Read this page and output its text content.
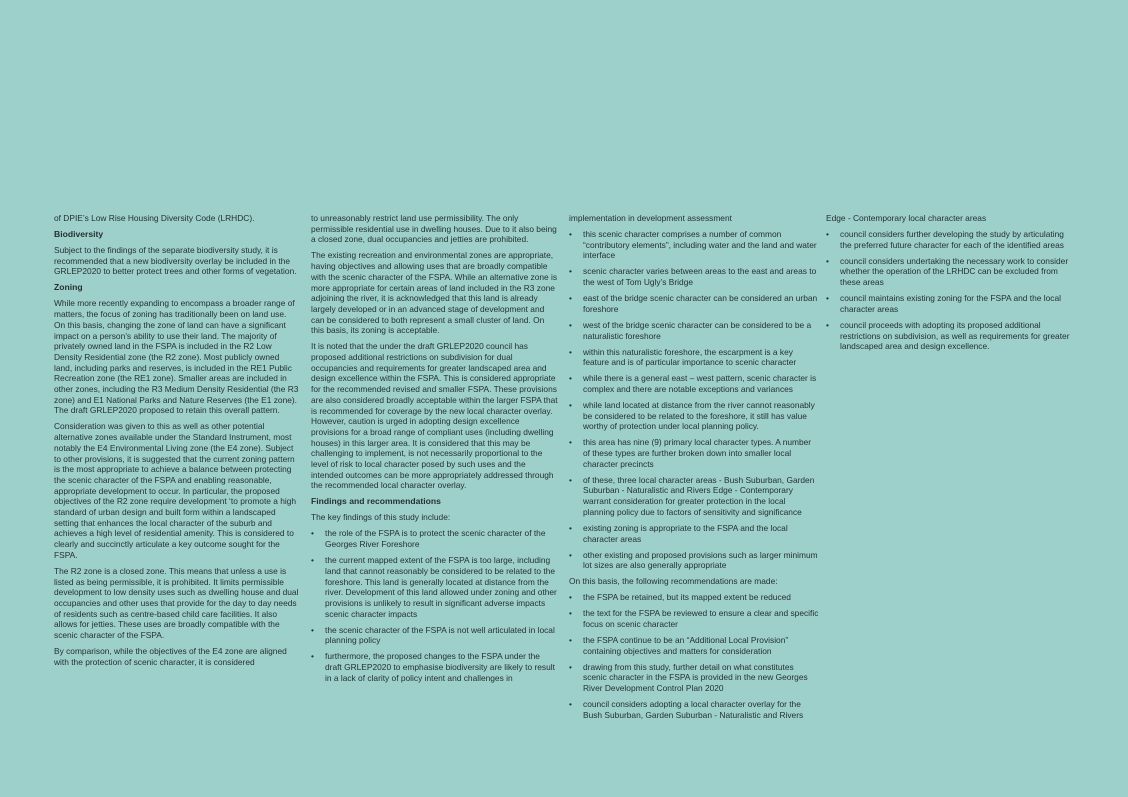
of DPIE’s Low Rise Housing Diversity Code (LRHDC).

Biodiversity

Subject to the findings of the separate biodiversity study, it is recommended that a new biodiversity overlay be included in the GRLEP2020 to better protect trees and other forms of vegetation.

Zoning

While more recently expanding to encompass a broader range of matters, the focus of zoning has traditionally been on land use. On this basis, changing the zone of land can have a significant impact on a person’s ability to use their land. The majority of privately owned land in the FSPA is included in the R2 Low Density Residential zone (the R2 zone). Most publicly owned land, including parks and reserves, is included in the RE1 Public Recreation zone (the RE1 zone). Smaller areas are included in other zones, including the R3 Medium Density Residential (the R3 zone) and E1 National Parks and Nature Reserves (the E1 zone). The draft GRLEP2020 proposed to retain this overall pattern.

Consideration was given to this as well as other potential alternative zones available under the Standard Instrument, most notably the E4 Environmental Living zone (the E4 zone). Subject to other provisions, it is suggested that the current zoning pattern is the most appropriate to achieve a balance between protecting the scenic character of the FSPA and enabling reasonable, appropriate development to occur. In particular, the proposed objectives of the R2 zone require development ‘to promote a high standard of urban design and built form within a landscaped setting that enhances the local character of the suburb and achieves a high level of residential amenity. This is considered to clearly and succinctly articulate a key outcome sought for the FSPA.

The R2 zone is a closed zone. This means that unless a use is listed as being permissible, it is prohibited. It limits permissible development to low density uses such as dwelling house and dual occupancies and other uses that provide for the day to day needs of residents such as centre-based child care facilities. It also allows for jetties. These uses are broadly compatible with the scenic character of the FSPA.

By comparison, while the objectives of the E4 zone are aligned with the protection of scenic character, it is considered

to unreasonably restrict land use permissibility. The only permissible residential use in dwelling houses. Due to it also being a closed zone, dual occupancies and jetties are prohibited.

The existing recreation and environmental zones are appropriate, having objectives and allowing uses that are broadly compatible with the scenic character of the FSPA. While an alternative zone is more appropriate for certain areas of land included in the R3 zone adjoining the river, it is acknowledged that this land is already largely developed or in an advanced stage of development and can be considered to both represent a small cluster of land. On this basis, its zoning is acceptable.

It is noted that the under the draft GRLEP2020 council has proposed additional restrictions on subdivision for dual occupancies and requirements for greater landscaped area and design excellence within the FSPA. This is considered appropriate for the recommended revised and smaller FSPA. These provisions are also considered broadly acceptable within the larger FSPA that is recommended for coverage by the new local character overlay. However, caution is urged in adopting design excellence provisions for a broad range of compliant uses (including dwelling houses) in this larger area. It is considered that this may be challenging to implement, is not necessarily proportional to the level of risk to local character posed by such uses and the intended outcomes can be more appropriately addressed through the recommended local character overlay.

Findings and recommendations

The key findings of this study include:

• the role of the FSPA is to protect the scenic character of the Georges River Foreshore
• the current mapped extent of the FSPA is too large, including land that cannot reasonably be considered to be related to the foreshore. This land is generally located at distance from the river. Development of this land allowed under zoning and other provisions is unlikely to result in significant adverse impacts scenic character impacts
• the scenic character of the FSPA is not well articulated in local planning policy
• furthermore, the proposed changes to the FSPA under the draft GRLEP2020 to emphasise biodiversity are likely to result in a lack of clarity of policy intent and challenges in

implementation in development assessment

• this scenic character comprises a number of common “contributory elements”, including water and the land and water interface
• scenic character varies between areas to the east and areas to the west of Tom Ugly’s Bridge
• east of the bridge scenic character can be considered an urban foreshore
• west of the bridge scenic character can be considered to be a naturalistic foreshore
• within this naturalistic foreshore, the escarpment is a key feature and is of particular importance to scenic character
• while there is a general east – west pattern, scenic character is complex and there are notable exceptions and variances
• while land located at distance from the river cannot reasonably be considered to be related to the foreshore, it still has value worthy of protection under local planning policy.
• this area has nine (9) primary local character types. A number of these types are further broken down into smaller local character precincts
• of these, three local character areas - Bush Suburban, Garden Suburban - Naturalistic and Rivers Edge - Contemporary warrant consideration for greater protection in the local planning policy due to factors of sensitivity and significance
• existing zoning is appropriate to the FSPA and the local character areas
• other existing and proposed provisions such as larger minimum lot sizes are also generally appropriate

On this basis, the following recommendations are made:

• the FSPA be retained, but its mapped extent be reduced
• the text for the FSPA be reviewed to ensure a clear and specific focus on scenic character
• the FSPA continue to be an “Additional Local Provision” containing objectives and matters for consideration
• drawing from this study, further detail on what constitutes scenic character in the FSPA is provided in the new Georges River Development Control Plan 2020
• council considers adopting a local character overlay for the Bush Suburban, Garden Suburban - Naturalistic and Rivers

Edge - Contemporary local character areas

• council considers further developing the study by articulating the preferred future character for each of the identified areas
• council considers undertaking the necessary work to consider whether the operation of the LRHDC can be excluded from these areas
• council maintains existing zoning for the FSPA and the local character areas
• council proceeds with adopting its proposed additional restrictions on subdivision, as well as requirements for greater landscaped area and design excellence.
